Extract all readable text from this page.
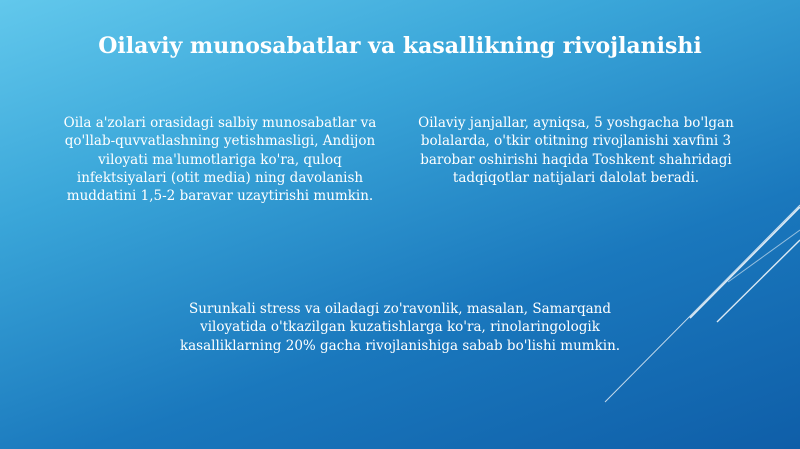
Oilaviy munosabatlar va kasallikning rivojlanishi

Oila a'zolari orasidagi salbiy munosabatlar va qo'llab-quvvatlashning yetishmasligi, Andijon viloyati ma'lumotlariga ko'ra, quloq infektsiyalari (otit media) ning davolanish muddatini 1,5-2 baravar uzaytirishi mumkin.

Oilaviy janjallar, ayniqsa, 5 yoshgacha bo'lgan bolalarda, o'tkir otitning rivojlanishi xavfini 3 barobar oshirishi haqida Toshkent shahridagi tadqiqotlar natijalari dalolat beradi.

Surunkali stress va oiladagi zo'ravonlik, masalan, Samarqand viloyatida o'tkazilgan kuzatishlarga ko'ra, rinolaringologik kasalliklarning 20% gacha rivojlanishiga sabab bo'lishi mumkin.
